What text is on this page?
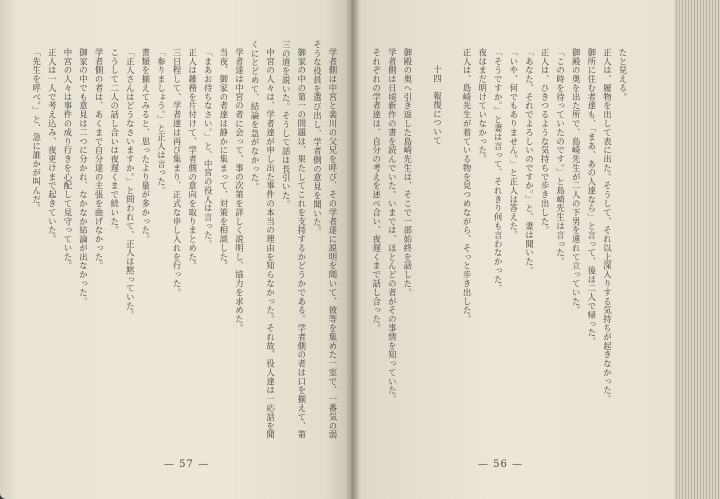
学者側は中宮と裴川の父兄を呼び、その学者達に説明を聞いて、彼等を集めた一室で、一番気の弱そうな役員を選び出し、学者側の意見を聞いた。

御家の中の第一の問題は、果たしてこれを支持するかどうかである。学者側の者は口を揃えて、第三の道を説いた。そうして話は長引いた。

中宮の人々は、学者達が申し出た事件の本当の理由を知らなかった。それ故、役人達は一応話を聞くにとどめて、結論を急がなかった。

学者達は中宮の者に会って、事の次第を詳しく説明し、協力を求めた。

当夜、御家の者達は静かに集まって、対策を相談した。

「まあお待ちなさい。」と、中宮の役人は言った。

正人は雑務を片付けて、学者側の意向を取りまとめた。

三日程して、学者達は再び集まり、正式な申し入れを行った。

「参りましょう。」と正人は言った。

書類を揃えてみると、思ったより量が多かった。

「正人さんはどうなさいますか。」と問われて、正人は黙っていた。

こうして二人の話し合いは夜遅くまで続いた。

学者側の者は、あくまで自分達の主張を曲げなかった。

御家の中でも意見は二つに分かれ、なかなか結論が出なかった。

中宮の人々は事件の成り行きを心配して見守っていた。

正人は一人で考え込み、夜更けまで起きていた。

「先生を呼べ。」と、急に誰かが叫んだ。

— 57 —

たと見える。

正人は、履物を出して表に出た。そうして、それ以上深入りする気持ちが起きなかった。

御所に住む者達も、「まあ、あの人達なら」と言って、後は二人で帰った。

御殿の奥を出た所で、島崎先生が二人の下男を連れて立っていた。

「この時を待っていたのです。」と島崎先生は言った。

正人は、ひきつるような気持ちで歩き出した。

「あなた、それでよろしいのですか。」と、妻は聞いた。

「いや、何でもありません。」と正人は答えた。

「そうですか。」と妻は言って、それきり何も言わなかった。

夜はまだ明けていなかった。

正人は、島崎先生が着ている物を見つめながら、そっと歩き出した。

十四　報復について

御殿の奥へ引き返した島崎先生は、そこで一部始終を話した。

学者側は日頃新作の書を読んでいた。いまでは、ほとんどの者がその事情を知っていた。

それぞれの学者達は、自分の考えを述べ合い、夜遅くまで話し合った。

— 56 —
